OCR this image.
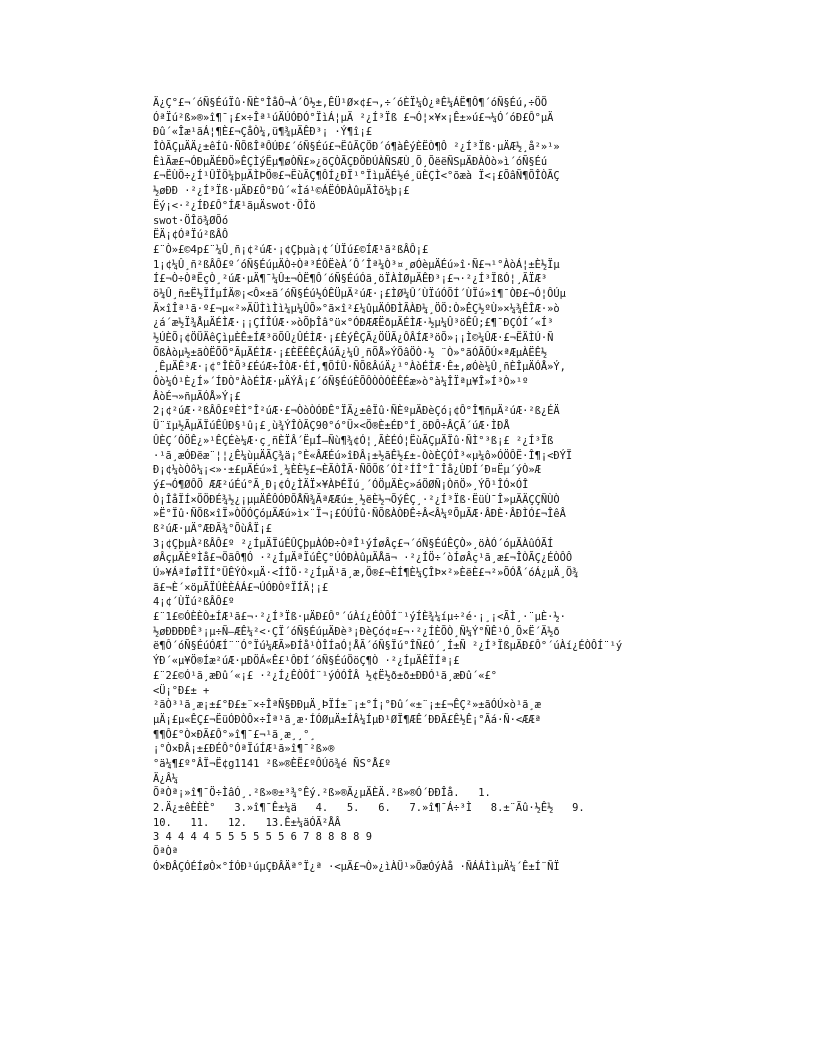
Ä¿Ç°£¬´óÑ§ÉúÏû·ÑÈ°ÎåÔ¬À´Ô½±,ÊÜ¹Ø×¢£¬,÷´óÈÏ¼Ò¿ªÊ¼ÁË¶Ô¶´óÑ§Éú,÷ÖÖ
ÓªÏú²ß»®»î¶¯¡£×÷Îª¹úÄÚÓÐÓ°ÏìÁ¦µÄ ²¿Í³Ïß £¬Ó¦×¥×¡Ê±»ú£¬¼Ó´óÐ£Ô°µÄ
Ðû´«Îæ¹ãÁ¦¶È£¬ÇåÒ¼,ü¶¾µÄÊÐ³¡ ·Ý¶î¡£
ÎÒÃÇµÄÄ¿±êÍû·ÑÕßÎªÔÚÐ£´óÑ§Éú£¬ËûÃÇÖÐ´ó¶àÊýÈËÒ¶Ô ²¿Í³Ïß·µÄÆ½¸å²»¹»
ÊìÃæ£¬ÓÐµÄÉÐÖ»ÊÇÌýËµ¶øÒÑ£»¿öÇÒÃÇÐÖÐÚÀÑSÆÙ¸Õ¸ÕëëÑSµÄÐÀÒò»ì´óÑ§Éú
£¬ËÙÖ÷¿Í¹ÛÏÖ¼þµÄÌÞÖ®£¬ËùÃÇ¶ÔÍ¿ÐÏ¹°ÏìµÄÉ½é¸üÈÇÌ<°õæà Ï<¡£ÕâÑ¶ÕÎÒÃÇ
½øÐÐ ·²¿Í³Ïß·µÄÐ£Ô°Ðû´«Ìá¹©ÁËÓÐÀûµÄÌõ¼þ¡£
Ëý¡<·²¿ÍÐ£Ô°ÍÆ¹ãµÄswot·ÖÎö
swot·ÖÎö¾ØÕó
ËÄ¡¢ÓªÏú²ßÂÔ
£¨Ò»£©4p£¨¼Û¸ñ¡¢²úÆ·¡¢Çþµà¡¢´ÙÏú£©ÍÆ¹ã²ßÂÔ¡£
1¡¢¼Û¸ñ²ßÂÔ£º´óÑ§ÉúµÄÒ÷Òª³ÉÔËèÀ´Ô´Îª¼Ò³¤¸øÓèµÄÉú»î·Ñ£¬¹°ÀòÁ¦±È½Ïµ
Í£¬Ò÷ÒªËçÒ¸²úÆ·µÄ¶¯¼Û±¬ÒË¶Ô´óÑ§ÉúÓã¸öÏÀÌØµÄÊÐ³¡£¬·²¿Í³ÏßÓ¦¸ÃÏÆ³
ö¼Û¸ñ±Ë½ÏÍµÍÄ®¡<Ô×±ä´óÑ§Éú½ÓÊÜµÄ²úÆ·¡£ÌØ¼Û´ÙÏúÓÕÍ´ÙÏú»î¶¯ÒÐ£¬Ó¦ÔÚµ
Ä×îÎª¹ã·º£¬µ«²»ÄÜÌìÌì¼µ¼ÛÕ»°ã×î²£¼ûµÄÓÐÌÃÀÐ¼¸ÖÖ:Ò»ÊÇ½ºÙ»×¼¾ÊÎÆ·»ò
¿á´æ½Ï¾ÅµÄÉÌÆ·¡¡ÇÍÎÚÆ·»òÕþÎâ°ü×°ÓÐÆÆËðµÄÉÌÆ·½µ¼Û³öÊÛ;£¶¯ÐÇÓÍ´«Í³
½ÚÈÕ¡¢ÖÜÄêÇìµÈÊ±ÍÆ³öÕÛ¿ÛÉÌÆ·¡£ÈýÊÇÃ¿ÖÜÃ¿ÔÂÍÆ³öÕ»¡¡Ì©¼ÛÆ·£¬ËÄÌÚ·Ñ
ÕßÀòµ½±ãÒËÕÖ°ÃµÄÉÌÆ·¡£ÈËÊÊÇÂúÃ¿¼Û¸ñÕÅ»ÝÕâÖÒ·½ ¨Ò»°ãÓÃÕÚ×ªÆµÀËÊ½
¸ÊµÄÊ³Æ·¡¢°ÎÈÕ³£ÉúÆ÷ÎÒÆ·ÉÍ,¶ÕÍÛ·ÑÕßÂúÄ¿¹°ÀòÉÌÆ·Ê±,øÓè¼Û¸ñÈÎµÄÓÅ»Ý,
Ôò¼Ó¹È¿Í»´ÍÐÒ°ÀòÉÌÆ·µÄÝÂ¡£´óÑ§ÉúÈÕÔÒÒÓÈÊÉæ»ò°à¼ÎÏªµ¥Î»Í³Ò»¹º
ÂòÉ¬»ñµÃÓÅ»Ý¡£
2¡¢²úÆ·²ßÂÔ£ºÈÌ°Î²úÆ·£¬ÒòÒÓÐÊ°ÏÄ¿±êÏû·ÑÈºµÄÐèÇó¡¢Ô°Î¶ñµÄ²úÆ·²ß¿ÉÄ
Ü¨ïµ½ÃµÄÏúÊÛÐ§¹û¡£¸ù¾ÝÎÒÃÇ90°ó°Ü×<Ö®È±ÉÐ°Í¸öÐÔ÷ÂÇÃ´úÆ·ÌÐÅ
ÛÈÇ´ÓÖÊ¿»¹ÊÇÉè¼Æ·ç¸ñÈÏÂ´Ëµ̂Í—Ñù¶¾¢Ó¦¸ÃÈÉÓ¦ËùÃÇµÄÏû·ÑÌ°³ß¡£ ²¿Í³Ïß
·¹ã¸æÓÐëæ¨¦¦¿Ê¼ùµÄÃÇ¾ä¡°È«ÂÆÉú»îÐÂ¡±½ãÊ½£±-ÒòÈÇÓÎ³«µ¼ô»ÓÖÔË·Î¶¡<ÐÝÏ
Ð¡¢¼òÒô¼¡<»·±£µÄÉú»î¸¼ÈÈ½£¬ÈÃÒÎÃ·ÑÕÕß´ÓÌ²ÍÎ°Î¯Îå¿ÙÐÍ´Ð¤Ëµ´ýÒ»Æ
ý£¬Ó¶ØÔÕ ÆÆ²úÉú°Ã¸Ð¡¢Ó¿ÌÄÏ×¥ÀÞÉÏú¸´ÓÖµÄÈç»áÖØÑ¡ÒñÖ»¸ÝÕ¹ÎÓ×ÓÎ
Ò¡ÎåÏÍ×ÖÖÐÉ¾½¿¡µµÄÊÔÓÐÕÅÑ¾ÃªÆÆú±¸½ëÈ½¬ÕýÊÇ¸·²¿Í³Ïß·ËüÙ¯Î»µÄÄÇÇÑÙÒ
»Ë°Ïû·ÑÕß×îÏ»ÒÖÓÇóµÄÆú»ì×¨Ï¬¡£ÓÚÎû·ÑÕßÀÒÐÊ÷Â<Â¼ºÕµÃÆ·ÂÐÈ·ÂÐÌÓ£¬ÎêÂ
ß²úÆ·µÄ°ÆÐÃ¾°ÕùÂÏ¡£
3¡¢ÇþµÀ²ßÂÔ£º ²¿ÍµÄÏúÊÛÇþµÀÓÐ÷ÒªÎ¹ýÍøÂç£¬´óÑ§ÉúÊÇÒ»¸öÀÓ´óµÄÀûÓÃÍ
øÂçµÄÈºÌå£¬ÖãÔ¶Ó ·²¿ÍµÄªÏúÊÇ°ÚÓÐÀûµÄÅã¬ ·²¿ÍÖ÷´òÍøÂç¹ã¸æ£¬ÎÒÃÇ¿ÉÒÔÔ
Ú»¥ÁªÍøÎÏÍ°ÜÊÝÒ×µÄ·<ÍÎÖ·²¿ÍµÄ¹ã¸æ,Ö®£¬ÈÍ¶È¼ÇÎÞ×²»ÈëÈ£¬²»ÕÓÅ´óÁ¿µÄ¸Ö¾
ã£¬È´×öµÃÏÚÈÈÁÁ£¬ÚÓÐÒºÏÍÄ¦¡£
4¡¢´ÙÏú²ßÂÔ£º
£¨1£©ÓÈÈÒ±ÍÆ¹ã£¬·²¿Í³Ïß·µÄÐ£Ô°´úÀí¿ÉÒÔÍ¨¹ýÍÈ¾¼íµ÷²é·¡¸¡<ÃÌ¸·¨µÈ·½·
½øÐÐÐÐÊ³¡µ÷Ñ—ÆÊ¼²<·ÇÏ´óÑ§ÉúµÄÐè³¡ÐèÇó¢¤£¬·²¿ÍÈÕÒ¸Ñ¼Ý°ÑÊ¹Ó¸Õ×Ë´Ä½ð
ë¶Ô´óÑ§ÉúÓÆÍ¨¨Ó°Ïú¼ÆÃ»ÐÍå¹ÒÎÍaÓ¦ÅÃ´óÑ§Ïú°ÎÑ£Ó´¸Í±Ñ ²¿Í³ÏßµÄÐ£Ô°´úÀí¿ÉÒÔÍ¨¹ý
ÝÐ´«µ¥Ö®Íæ²úÆ·µÐÖÁ«Ê£¹ÔÐÍ´óÑ§ÉúÖöÇ¶Ò ·²¿ÍµÄÊÏÍª¡£
£¨2£©Ó¹ã¸æÐû´«¡£ ·²¿Í¿ÊÒÔÍ¨¹ýÓÓÎÂ ½¢Ë½ð±ð±ÐÐÓ¹ã¸æÐû´«£°
<Ü¡°Ð£± +
²ãÒ³¹ã¸æ¡±£°Ð£±¨×÷ÎªÑ§ÐÐµÄ¸ÞÏÍ±¨¡±°Í¡°Ðû´«±¨¡±£¬ÊÇ²»±ãÓÚ×ò¹ã¸æ
µÄ¡£µ«ÊÇ£¬ËüÓÐÒÔ×÷Îª¹ã¸æ·ÍÓØµÄ±ÍÂ¼ÍµÐ¹ØÏ¶ÆÊ´ÐÐÃ£Ê½Ê¡°Ãá·Ñ·<ÆÆª
¶¶Ô£°Ò×ÐÃ£Ô°»î¶¯£¬¹ã¸æ¸¸°¸
¡°Ò×ÐÂ¡±£ÐÉÔ°ÓªÏúÍÆ¹ã»î¶¯²ß»®
°ä¼¶£º°ÂÏ¬Ë¢g1141 ²ß»®ÈË£ºÔÚõ¾é ÑS°Å£º
Ä¿Â¼
ÕªÒª¡»î¶¯Ö÷ÌâÓ¸.²ß»®±³¾°Êý.²ß»®Ä¿µÄÈÄ.²ß»®Ó´ÐÐÎå.   1.
2.Ä¿±êÈÈÈ°   3.»î¶¯Ê±¼ä   4.   5.   6.   7.»î¶¯Á÷³Ì   8.±¨Ãû·½Ê½   9.
10.   11.   12.   13.Ê±¼äÓÃ²ÅÂ
3 4 4 4 4 5 5 5 5 5 5 6 7 8 8 8 8 9
ÕªÒª
Ó×ÐÂÇÓÉÍøÒ×°ÍÓÐ¹úµÇÐÂÄª°Ï¿ª ·<µÄ£¬Ò»¿ìÀÜ¹»ÕæÓýÀå ·ÑÁÁÌìµÄ¼´Ê±Í¨ÑÏ
